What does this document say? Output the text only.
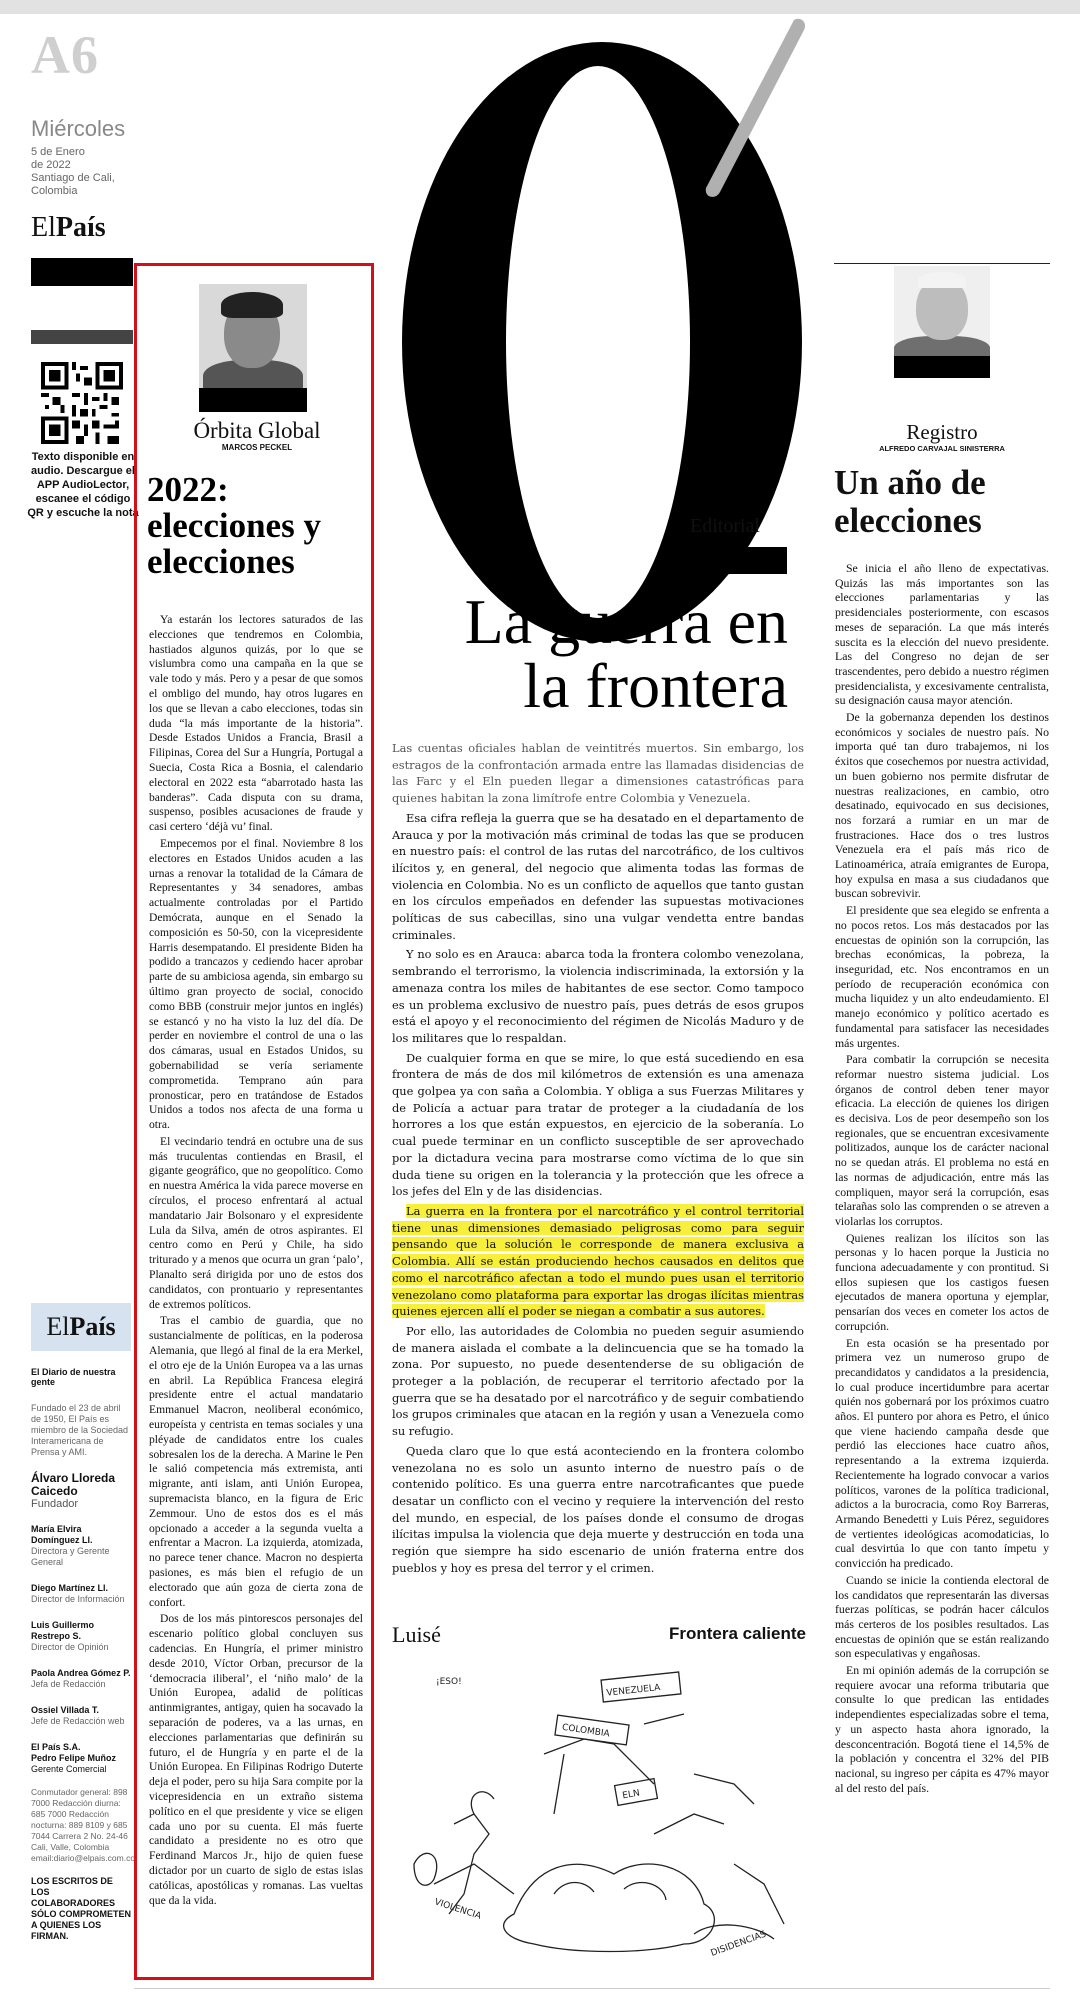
A6
Miércoles
5 de Enero
de 2022
Santiago de Cali,
Colombia
ElPaís
Texto disponible en audio. Descargue el APP AudioLector, escanee el código QR y escuche la nota
ElPaís
El Diario de nuestra gente
Fundado el 23 de abril de 1950, El País es miembro de la Sociedad Interamericana de Prensa y AMI.
Álvaro Lloreda Caicedo
Fundador
María Elvira Domínguez Ll.
Directora y Gerente General
Diego Martínez Ll.
Director de Información
Luis Guillermo Restrepo S.
Director de Opinión
Paola Andrea Gómez P.
Jefa de Redacción
Ossiel Villada T.
Jefe de Redacción web
El País S.A.
Pedro Felipe Muñoz
Gerente Comercial
Conmutador general: 898 7000 Redacción diurna: 685 7000 Redacción nocturna: 889 8109 y 685 7044 Carrera 2 No. 24-46 Cali, Valle, Colombia email:diario@elpais.com.co
LOS ESCRITOS DE LOS COLABORADORES SÓLO COMPROMETEN A QUIENES LOS FIRMAN.
Órbita Global
MARCOS PECKEL
2022: elecciones y elecciones

Ya estarán los lectores saturados de las elecciones que tendremos en Colombia, hastiados algunos quizás, por lo que se vislumbra como una campaña en la que se vale todo y más. Pero y a pesar de que somos el ombligo del mundo, hay otros lugares en los que se llevan a cabo elecciones, todas sin duda “la más importante de la historia”. Desde Estados Unidos a Francia, Brasil a Filipinas, Corea del Sur a Hungría, Portugal a Suecia, Costa Rica a Bosnia, el calendario electoral en 2022 esta “abarrotado hasta las banderas”. Cada disputa con su drama, suspenso, posibles acusaciones de fraude y casi certero ‘déjà vu’ final.

Empecemos por el final. Noviembre 8 los electores en Estados Unidos acuden a las urnas a renovar la totalidad de la Cámara de Representantes y 34 senadores, ambas actualmente controladas por el Partido Demócrata, aunque en el Senado la composición es 50-50, con la vicepresidente Harris desempatando. El presidente Biden ha podido a trancazos y cediendo hacer aprobar parte de su ambiciosa agenda, sin embargo su último gran proyecto de social, conocido como BBB (construir mejor juntos en inglés) se estancó y no ha visto la luz del día. De perder en noviembre el control de una o las dos cámaras, usual en Estados Unidos, su gobernabilidad se vería seriamente comprometida. Temprano aún para pronosticar, pero en tratándose de Estados Unidos a todos nos afecta de una forma u otra.

El vecindario tendrá en octubre una de sus más truculentas contiendas en Brasil, el gigante geográfico, que no geopolítico. Como en nuestra América la vida parece moverse en círculos, el proceso enfrentará al actual mandatario Jair Bolsonaro y el expresidente Lula da Silva, amén de otros aspirantes. El centro como en Perú y Chile, ha sido triturado y a menos que ocurra un gran ‘palo’, Planalto será dirigida por uno de estos dos candidatos, con prontuario y representantes de extremos políticos.

Tras el cambio de guardia, que no sustancialmente de políticas, en la poderosa Alemania, que llegó al final de la era Merkel, el otro eje de la Unión Europea va a las urnas en abril. La República Francesa elegirá presidente entre el actual mandatario Emmanuel Macron, neoliberal económico, europeísta y centrista en temas sociales y una pléyade de candidatos entre los cuales sobresalen los de la derecha. A Marine le Pen le salió competencia más extremista, anti migrante, anti islam, anti Unión Europea, supremacista blanco, en la figura de Eric Zemmour. Uno de estos dos es el más opcionado a acceder a la segunda vuelta a enfrentar a Macron. La izquierda, atomizada, no parece tener chance. Macron no despierta pasiones, es más bien el refugio de un electorado que aún goza de cierta zona de confort.

Dos de los más pintorescos personajes del escenario político global concluyen sus cadencias. En Hungría, el primer ministro desde 2010, Víctor Orban, precursor de la ‘democracia iliberal’, el ‘niño malo’ de la Unión Europea, adalid de políticas antinmigrantes, antigay, quien ha socavado la separación de poderes, va a las urnas, en elecciones parlamentarias que definirán su futuro, el de Hungría y en parte el de la Unión Europea. En Filipinas Rodrigo Duterte deja el poder, pero su hija Sara compite por la vicepresidencia en un extraño sistema político en el que presidente y vice se eligen cada uno por su cuenta. El más fuerte candidato a presidente no es otro que Ferdinand Marcos Jr., hijo de quien fuese dictador por un cuarto de siglo de estas islas católicas, apostólicas y romanas. Las vueltas que da la vida.

Editorial
La guerra en
la frontera

Las cuentas oficiales hablan de veintitrés muertos. Sin embargo, los estragos de la confrontación armada entre las llamadas disidencias de las Farc y el Eln pueden llegar a dimensiones catastróficas para quienes habitan la zona limítrofe entre Colombia y Venezuela.

Esa cifra refleja la guerra que se ha desatado en el departamento de Arauca y por la motivación más criminal de todas las que se producen en nuestro país: el control de las rutas del narcotráfico, de los cultivos ilícitos y, en general, del negocio que alimenta todas las formas de violencia en Colombia. No es un conflicto de aquellos que tanto gustan en los círculos empeñados en defender las supuestas motivaciones políticas de sus cabecillas, sino una vulgar vendetta entre bandas criminales.

Y no solo es en Arauca: abarca toda la frontera colombo venezolana, sembrando el terrorismo, la violencia indiscriminada, la extorsión y la amenaza contra los miles de habitantes de ese sector. Como tampoco es un problema exclusivo de nuestro país, pues detrás de esos grupos está el apoyo y el reconocimiento del régimen de Nicolás Maduro y de los militares que lo respaldan.

De cualquier forma en que se mire, lo que está sucediendo en esa frontera de más de dos mil kilómetros de extensión es una amenaza que golpea ya con saña a Colombia. Y obliga a sus Fuerzas Militares y de Policía a actuar para tratar de proteger a la ciudadanía de los horrores a los que están expuestos, en ejercicio de la soberanía. Lo cual puede terminar en un conflicto susceptible de ser aprovechado por la dictadura vecina para mostrarse como víctima de lo que sin duda tiene su origen en la tolerancia y la protección que les ofrece a los jefes del Eln y de las disidencias.

La guerra en la frontera por el narcotráfico y el control territorial tiene unas dimensiones demasiado peligrosas como para seguir pensando que la solución le corresponde de manera exclusiva a Colombia. Allí se están produciendo hechos causados en delitos que como el narcotráfico afectan a todo el mundo pues usan el territorio venezolano como plataforma para exportar las drogas ilícitas mientras quienes ejercen allí el poder se niegan a combatir a sus autores.

Por ello, las autoridades de Colombia no pueden seguir asumiendo de manera aislada el combate a la delincuencia que se ha tomado la zona. Por supuesto, no puede desentenderse de su obligación de proteger a la población, de recuperar el territorio afectado por la guerra que se ha desatado por el narcotráfico y de seguir combatiendo los grupos criminales que atacan en la región y usan a Venezuela como su refugio.

Queda claro que lo que está aconteciendo en la frontera colombo venezolana no es solo un asunto interno de nuestro país o de contenido político. Es una guerra entre narcotraficantes que puede desatar un conflicto con el vecino y requiere la intervención del resto del mundo, en especial, de los países donde el consumo de drogas ilícitas impulsa la violencia que deja muerte y destrucción en toda una región que siempre ha sido escenario de unión fraterna entre dos pueblos y hoy es presa del terror y el crimen.

Luisé	Frontera caliente
¡ESO!
VENEZUELA
COLOMBIA
ELN
VIOLENCIA
DISIDENCIAS
Registro
ALFREDO CARVAJAL SINISTERRA
Un año de elecciones

Se inicia el año lleno de expectativas. Quizás las más importantes son las elecciones parlamentarias y las presidenciales posteriormente, con escasos meses de separación. La que más interés suscita es la elección del nuevo presidente. Las del Congreso no dejan de ser trascendentes, pero debido a nuestro régimen presidencialista, y excesivamente centralista, su designación causa mayor atención.

De la gobernanza dependen los destinos económicos y sociales de nuestro país. No importa qué tan duro trabajemos, ni los éxitos que cosechemos por nuestra actividad, un buen gobierno nos permite disfrutar de nuestras realizaciones, en cambio, otro desatinado, equivocado en sus decisiones, nos forzará a rumiar en un mar de frustraciones. Hace dos o tres lustros Venezuela era el país más rico de Latinoamérica, atraía emigrantes de Europa, hoy expulsa en masa a sus ciudadanos que buscan sobrevivir.

El presidente que sea elegido se enfrenta a no pocos retos. Los más destacados por las encuestas de opinión son la corrupción, las brechas económicas, la pobreza, la inseguridad, etc. Nos encontramos en un período de recuperación económica con mucha liquidez y un alto endeudamiento. El manejo económico y político acertado es fundamental para satisfacer las necesidades más urgentes.

Para combatir la corrupción se necesita reformar nuestro sistema judicial. Los órganos de control deben tener mayor eficacia. La elección de quienes los dirigen es decisiva. Los de peor desempeño son los regionales, que se encuentran excesivamente politizados, aunque los de carácter nacional no se quedan atrás. El problema no está en las normas de adjudicación, entre más las compliquen, mayor será la corrupción, esas telarañas solo las comprenden o se atreven a violarlas los corruptos.

Quienes realizan los ilícitos son las personas y lo hacen porque la Justicia no funciona adecuadamente y con prontitud. Si ellos supiesen que los castigos fuesen ejecutados de manera oportuna y ejemplar, pensarían dos veces en cometer los actos de corrupción.

En esta ocasión se ha presentado por primera vez un numeroso grupo de precandidatos y candidatos a la presidencia, lo cual produce incertidumbre para acertar quién nos gobernará por los próximos cuatro años. El puntero por ahora es Petro, el único que viene haciendo campaña desde que perdió las elecciones hace cuatro años, representando a la extrema izquierda. Recientemente ha logrado convocar a varios políticos, varones de la política tradicional, adictos a la burocracia, como Roy Barreras, Armando Benedetti y Luis Pérez, seguidores de vertientes ideológicas acomodaticias, lo cual desvirtúa lo que con tanto ímpetu y convicción ha predicado.

Cuando se inicie la contienda electoral de los candidatos que representarán las diversas fuerzas políticas, se podrán hacer cálculos más certeros de los posibles resultados. Las encuestas de opinión que se están realizando son especulativas y engañosas.

En mi opinión además de la corrupción se requiere avocar una reforma tributaria que consulte lo que predican las entidades independientes especializadas sobre el tema, y un aspecto hasta ahora ignorado, la desconcentración. Bogotá tiene el 14,5% de la población y concentra el 32% del PIB nacional, su ingreso per cápita es 47% mayor al del resto del país.
